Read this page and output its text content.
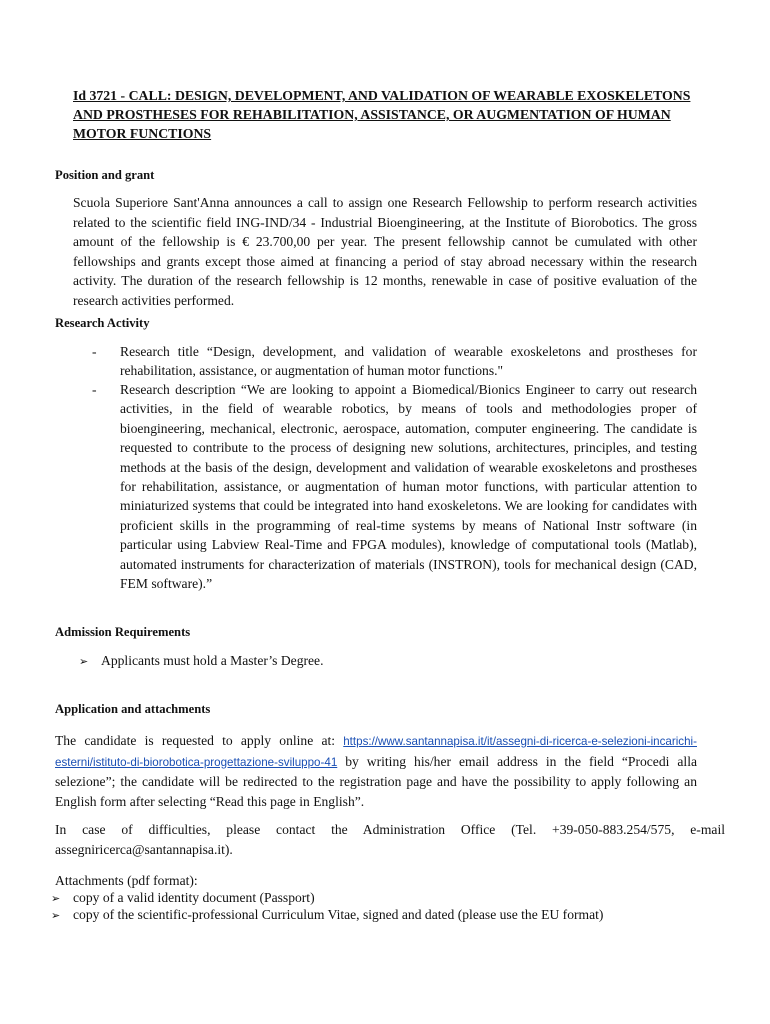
Id 3721 - CALL: DESIGN, DEVELOPMENT, AND VALIDATION OF WEARABLE EXOSKELETONS AND PROSTHESES FOR REHABILITATION, ASSISTANCE, OR AUGMENTATION OF HUMAN MOTOR FUNCTIONS
Position and grant
Scuola Superiore Sant'Anna announces a call to assign one Research Fellowship to perform research activities related to the scientific field ING-IND/34 - Industrial Bioengineering, at the Institute of Biorobotics. The gross amount of the fellowship is € 23.700,00 per year. The present fellowship cannot be cumulated with other fellowships and grants except those aimed at financing a period of stay abroad necessary within the research activity. The duration of the research fellowship is 12 months, renewable in case of positive evaluation of the research activities performed.
Research Activity
-	Research title “Design, development, and validation of wearable exoskeletons and prostheses for rehabilitation, assistance, or augmentation of human motor functions."
-	Research description “We are looking to appoint a Biomedical/Bionics Engineer to carry out research activities, in the field of wearable robotics, by means of tools and methodologies proper of bioengineering, mechanical, electronic, aerospace, automation, computer engineering. The candidate is requested to contribute to the process of designing new solutions, architectures, principles, and testing methods at the basis of the design, development and validation of wearable exoskeletons and prostheses for rehabilitation, assistance, or augmentation of human motor functions, with particular attention to miniaturized systems that could be integrated into hand exoskeletons. We are looking for candidates with proficient skills in the programming of real-time systems by means of National Instr software (in particular using Labview Real-Time and FPGA modules), knowledge of computational tools (Matlab), automated instruments for characterization of materials (INSTRON), tools for mechanical design (CAD, FEM software).”
Admission Requirements
➢ Applicants must hold a Master’s Degree.
Application and attachments
The candidate is requested to apply online at: https://www.santannapisa.it/it/assegni-di-ricerca-e-selezioni-incarichi-esterni/istituto-di-biorobotica-progettazione-sviluppo-41 by writing his/her email address in the field “Procedi alla selezione”; the candidate will be redirected to the registration page and have the possibility to apply following an English form after selecting “Read this page in English”.
In case of difficulties, please contact the Administration Office (Tel. +39-050-883.254/575, e-mail assegniricerca@santannapisa.it).
Attachments (pdf format):
➢ copy of a valid identity document (Passport)
➢ copy of the scientific-professional Curriculum Vitae, signed and dated (please use the EU format)
